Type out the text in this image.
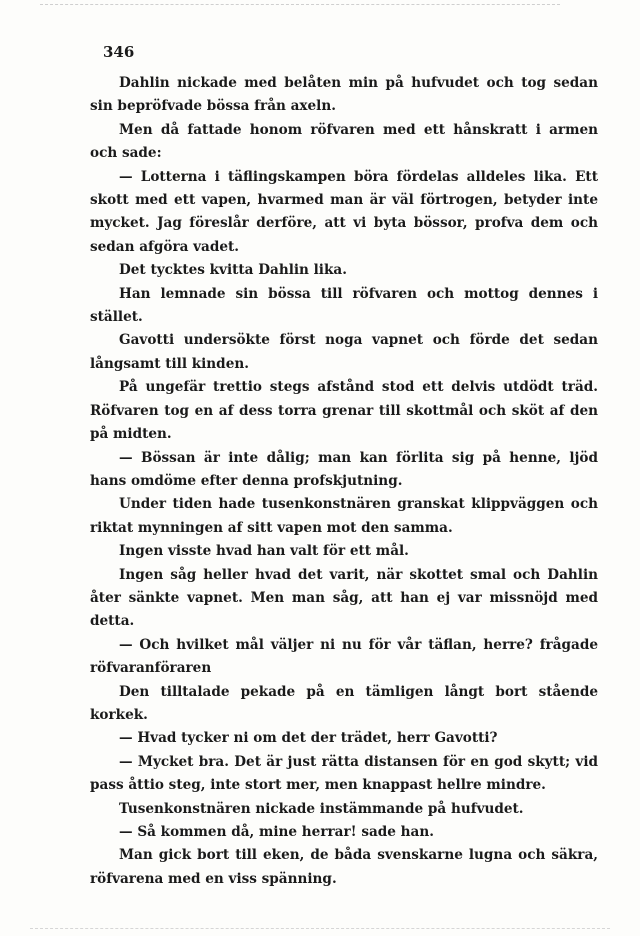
346

Dahlin nickade med belåten min på hufvudet och tog sedan sin bepröfvade bössa från axeln.

Men då fattade honom röfvaren med ett hånskratt i armen och sade:

— Lotterna i täflingskampen böra fördelas alldeles lika. Ett skott med ett vapen, hvarmed man är väl förtrogen, betyder inte mycket. Jag föreslår derföre, att vi byta bössor, profva dem och sedan afgöra vadet.

Det tycktes kvitta Dahlin lika.

Han lemnade sin bössa till röfvaren och mottog dennes i stället.

Gavotti undersökte först noga vapnet och förde det sedan långsamt till kinden.

På ungefär trettio stegs afstånd stod ett delvis utdödt träd. Röfvaren tog en af dess torra grenar till skottmål och sköt af den på midten.

— Bössan är inte dålig; man kan förlita sig på henne, ljöd hans omdöme efter denna profskjutning.

Under tiden hade tusenkonstnären granskat klippväggen och riktat mynningen af sitt vapen mot den samma.

Ingen visste hvad han valt för ett mål.

Ingen såg heller hvad det varit, när skottet smal och Dahlin åter sänkte vapnet. Men man såg, att han ej var missnöjd med detta.

— Och hvilket mål väljer ni nu för vår täflan, herre? frågade röfvaranföraren

Den tilltalade pekade på en tämligen långt bort stående korkek.

— Hvad tycker ni om det der trädet, herr Gavotti?

— Mycket bra. Det är just rätta distansen för en god skytt; vid pass åttio steg, inte stort mer, men knappast hellre mindre.

Tusenkonstnären nickade instämmande på hufvudet.

— Så kommen då, mine herrar! sade han.

Man gick bort till eken, de båda svenskarne lugna och säkra, röfvarena med en viss spänning.
